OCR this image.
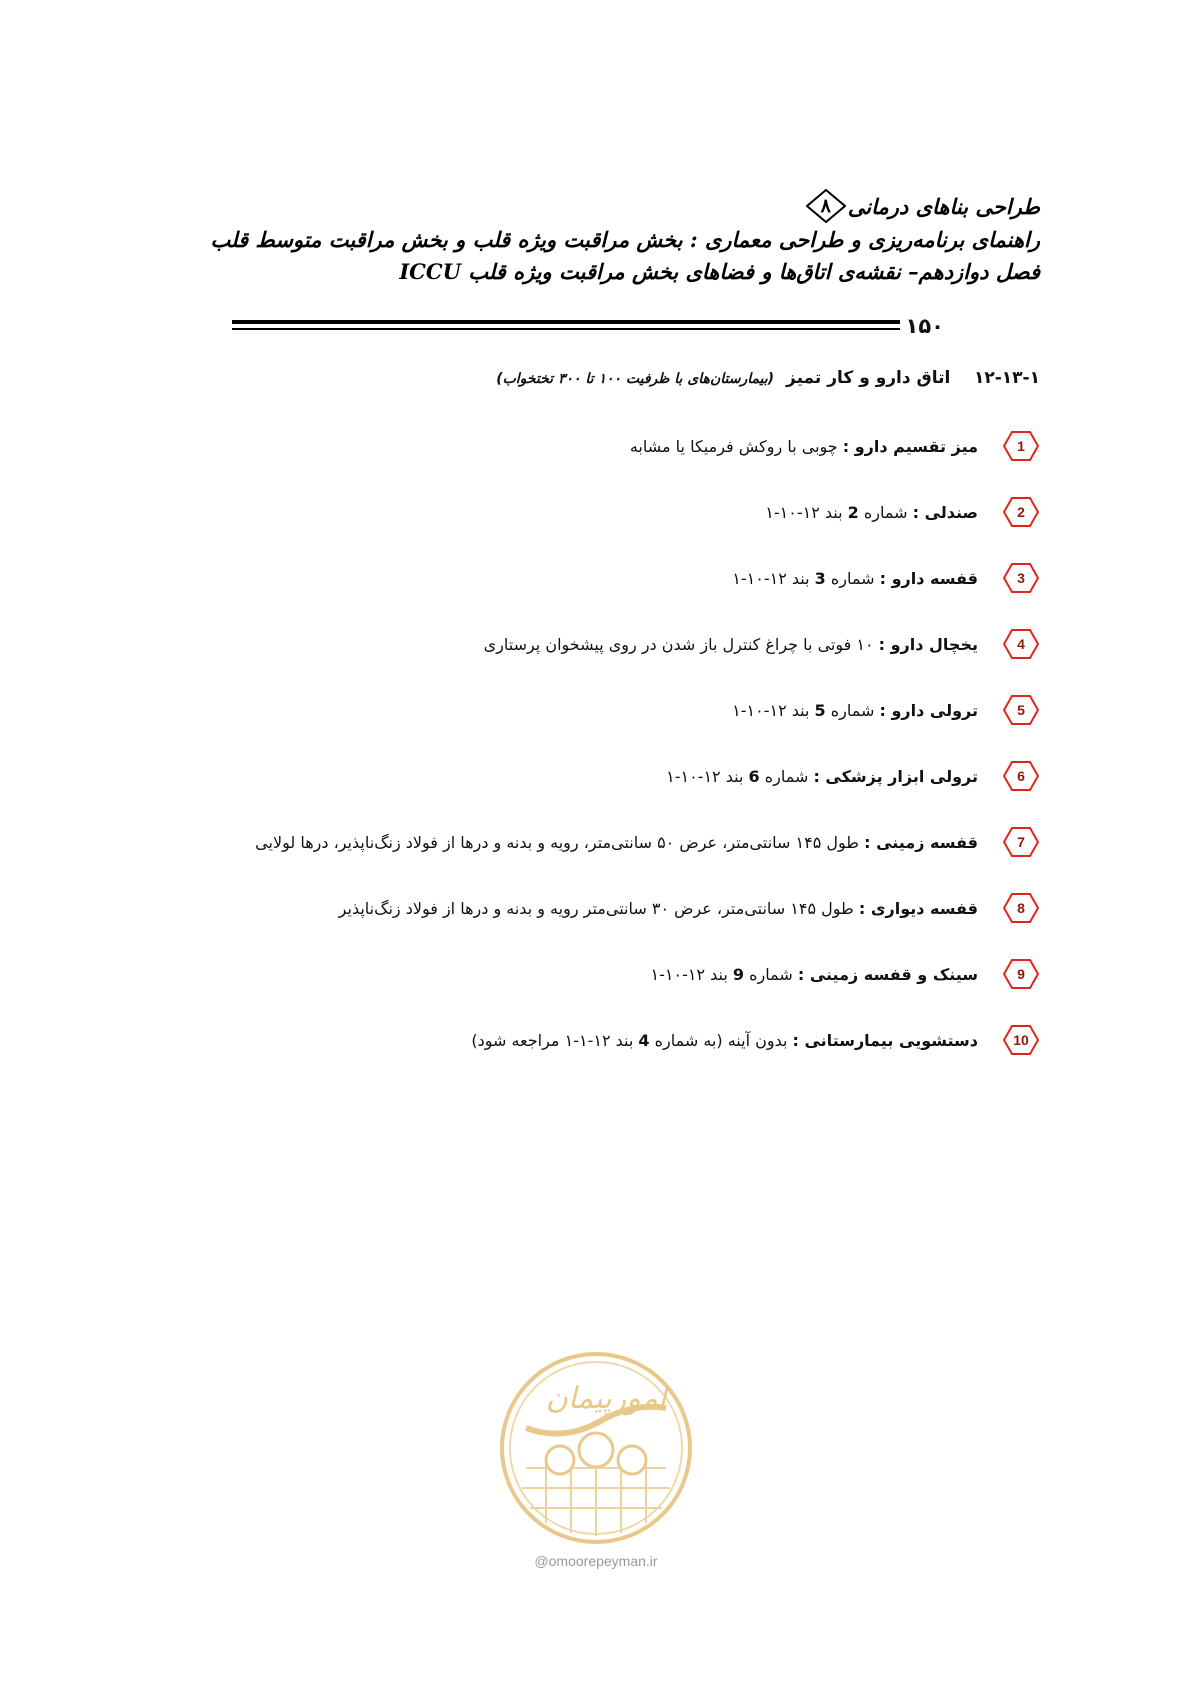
طراحی بناهای درمانی
۸
راهنمای برنامه‌ریزی و طراحی معماری : بخش مراقبت ویژه قلب و بخش مراقبت متوسط قلب
فصل دوازدهم– نقشه‌ی اتاق‌ها و فضاهای بخش مراقبت ویژه قلب ICCU
۱۵۰
۱۲-۱۳-۱    اتاق دارو و کار تمیز (بیمارستان‌های با ظرفیت ۱۰۰ تا ۳۰۰ تختخواب)
1
میز تقسیم دارو : چوبی با روکش فرمیکا یا مشابه
2
صندلی : شماره 2 بند ۱۲-۱۰-۱
3
قفسه دارو : شماره 3 بند ۱۲-۱۰-۱
4
یخچال دارو : ۱۰ فوتی با چراغ کنترل باز شدن در روی پیشخوان پرستاری
5
ترولی دارو : شماره 5 بند ۱۲-۱۰-۱
6
ترولی ابزار پزشکی : شماره 6 بند ۱۲-۱۰-۱
7
قفسه زمینی : طول ۱۴۵ سانتی‌متر، عرض ۵۰ سانتی‌متر، رویه و بدنه و درها از فولاد زنگ‌ناپذیر، درها لولایی
8
قفسه دیواری : طول ۱۴۵ سانتی‌متر، عرض ۳۰ سانتی‌متر رویه و بدنه و درها از فولاد زنگ‌ناپذیر
9
سینک و قفسه زمینی : شماره 9 بند ۱۲-۱۰-۱
10
دستشویی بیمارستانی : بدون آینه (به شماره 4 بند ۱۲-۱-۱ مراجعه شود)
امورپیمان
@omoorepeyman.ir
